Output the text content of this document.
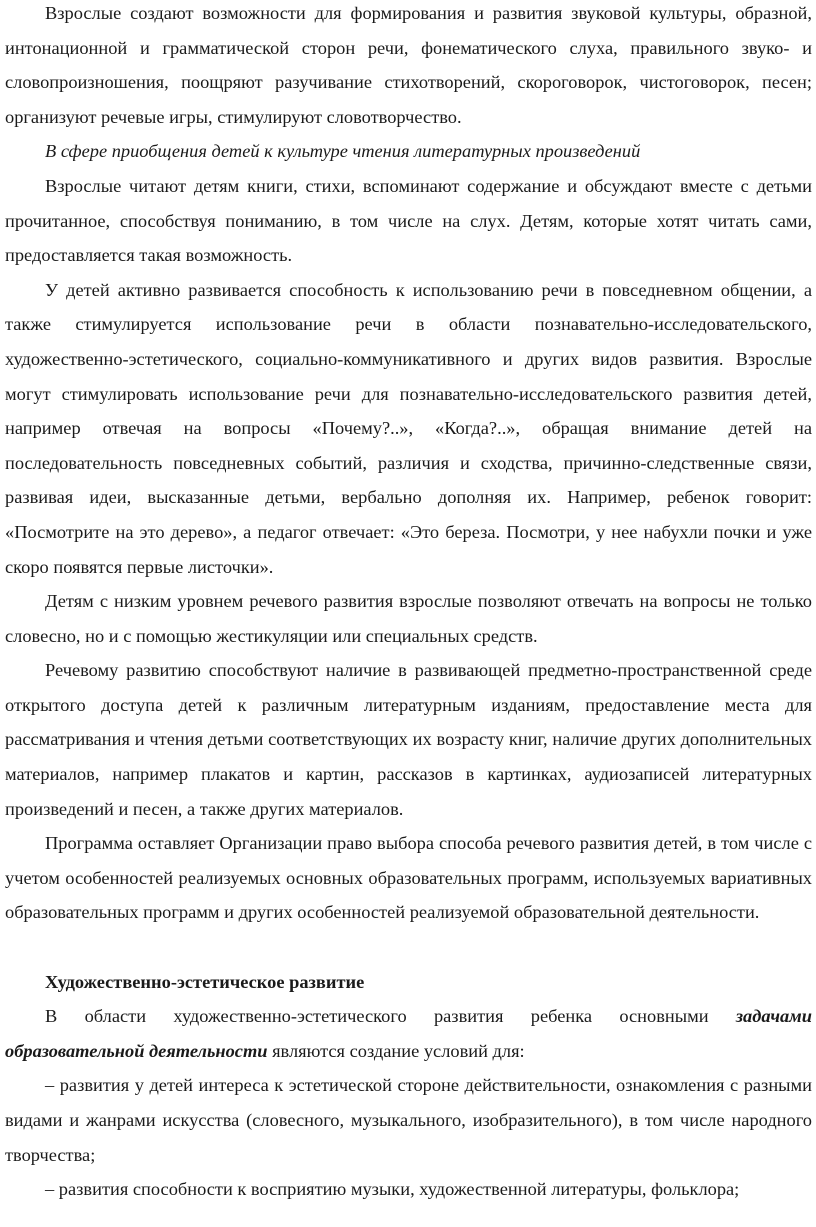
Взрослые создают возможности для формирования и развития звуковой культуры, образной, интонационной и грамматической сторон речи, фонематического слуха, правильного звуко- и словопроизношения, поощряют разучивание стихотворений, скороговорок, чистоговорок, песен; организуют речевые игры, стимулируют словотворчество.

В сфере приобщения детей к культуре чтения литературных произведений

Взрослые читают детям книги, стихи, вспоминают содержание и обсуждают вместе с детьми прочитанное, способствуя пониманию, в том числе на слух. Детям, которые хотят читать сами, предоставляется такая возможность.

У детей активно развивается способность к использованию речи в повседневном общении, а также стимулируется использование речи в области познавательно-исследовательского, художественно-эстетического, социально-коммуникативного и других видов развития. Взрослые могут стимулировать использование речи для познавательно-исследовательского развития детей, например отвечая на вопросы «Почему?..», «Когда?..», обращая внимание детей на последовательность повседневных событий, различия и сходства, причинно-следственные связи, развивая идеи, высказанные детьми, вербально дополняя их. Например, ребенок говорит: «Посмотрите на это дерево», а педагог отвечает: «Это береза. Посмотри, у нее набухли почки и уже скоро появятся первые листочки».

Детям с низким уровнем речевого развития взрослые позволяют отвечать на вопросы не только словесно, но и с помощью жестикуляции или специальных средств.

Речевому развитию способствуют наличие в развивающей предметно-пространственной среде открытого доступа детей к различным литературным изданиям, предоставление места для рассматривания и чтения детьми соответствующих их возрасту книг, наличие других дополнительных материалов, например плакатов и картин, рассказов в картинках, аудиозаписей литературных произведений и песен, а также других материалов.

Программа оставляет Организации право выбора способа речевого развития детей, в том числе с учетом особенностей реализуемых основных образовательных программ, используемых вариативных образовательных программ и других особенностей реализуемой образовательной деятельности.

Художественно-эстетическое развитие

В области художественно-эстетического развития ребенка основными задачами образовательной деятельности являются создание условий для:

– развития у детей интереса к эстетической стороне действительности, ознакомления с разными видами и жанрами искусства (словесного, музыкального, изобразительного), в том числе народного творчества;

– развития способности к восприятию музыки, художественной литературы, фольклора;
